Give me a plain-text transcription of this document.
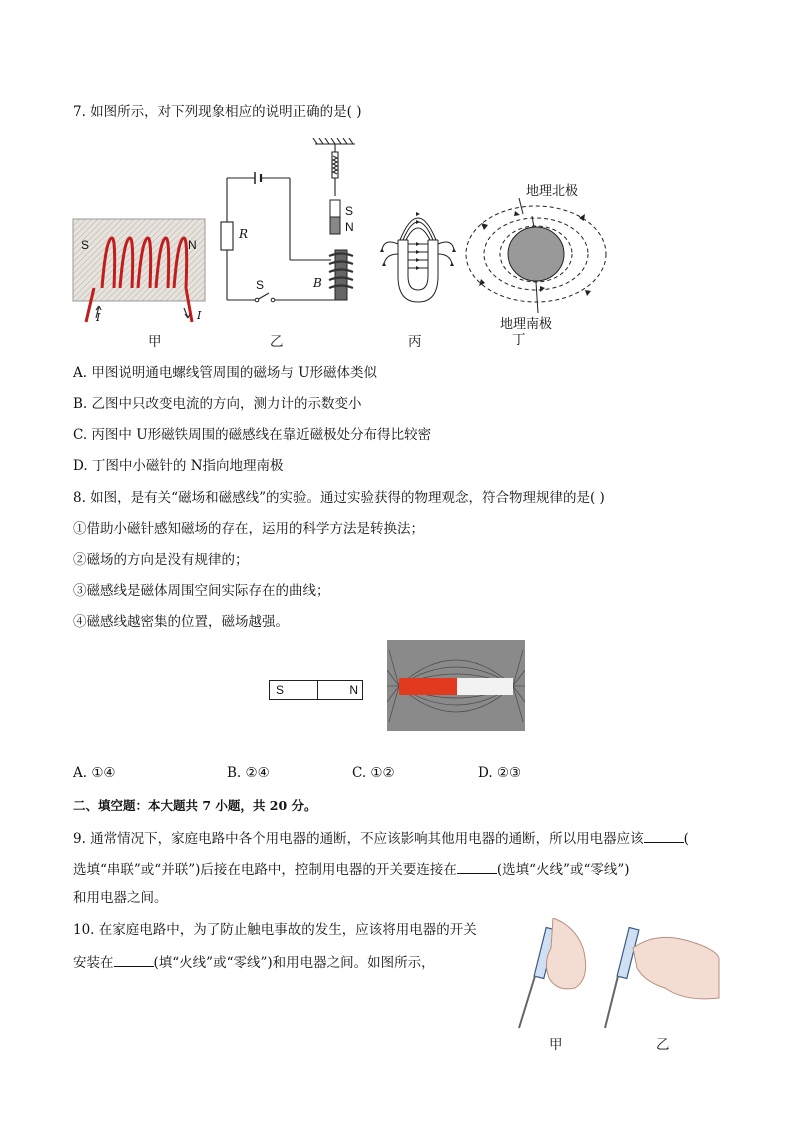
7. 如图所示，对下列现象相应的说明正确的是( )
S	N
I	I
甲
R
S	B
S
N
乙	丙
地理北极
地理南极
丁
A. 甲图说明通电螺线管周围的磁场与 U形磁体类似
B. 乙图中只改变电流的方向，测力计的示数变小
C. 丙图中 U形磁铁周围的磁感线在靠近磁极处分布得比较密
D. 丁图中小磁针的 N指向地理南极
8. 如图，是有关“磁场和磁感线”的实验。通过实验获得的物理观念，符合物理规律的是( )
①借助小磁针感知磁场的存在，运用的科学方法是转换法；
②磁场的方向是没有规律的；
③磁感线是磁体周围空间实际存在的曲线；
④磁感线越密集的位置，磁场越强。
S	N
A. ①④	B. ②④	C. ①②	D. ②③
二、填空题：本大题共 7 小题，共 20 分。
9. 通常情况下，家庭电路中各个用电器的通断，不应该影响其他用电器的通断，所以用电器应该	(
选填“串联”或“并联”)后接在电路中，控制用电器的开关要连接在	(选填“火线”或“零线”)
和用电器之间。
10. 在家庭电路中，为了防止触电事故的发生，应该将用电器的开关
安装在	(填“火线”或“零线”)和用电器之间。如图所示，
甲	乙
